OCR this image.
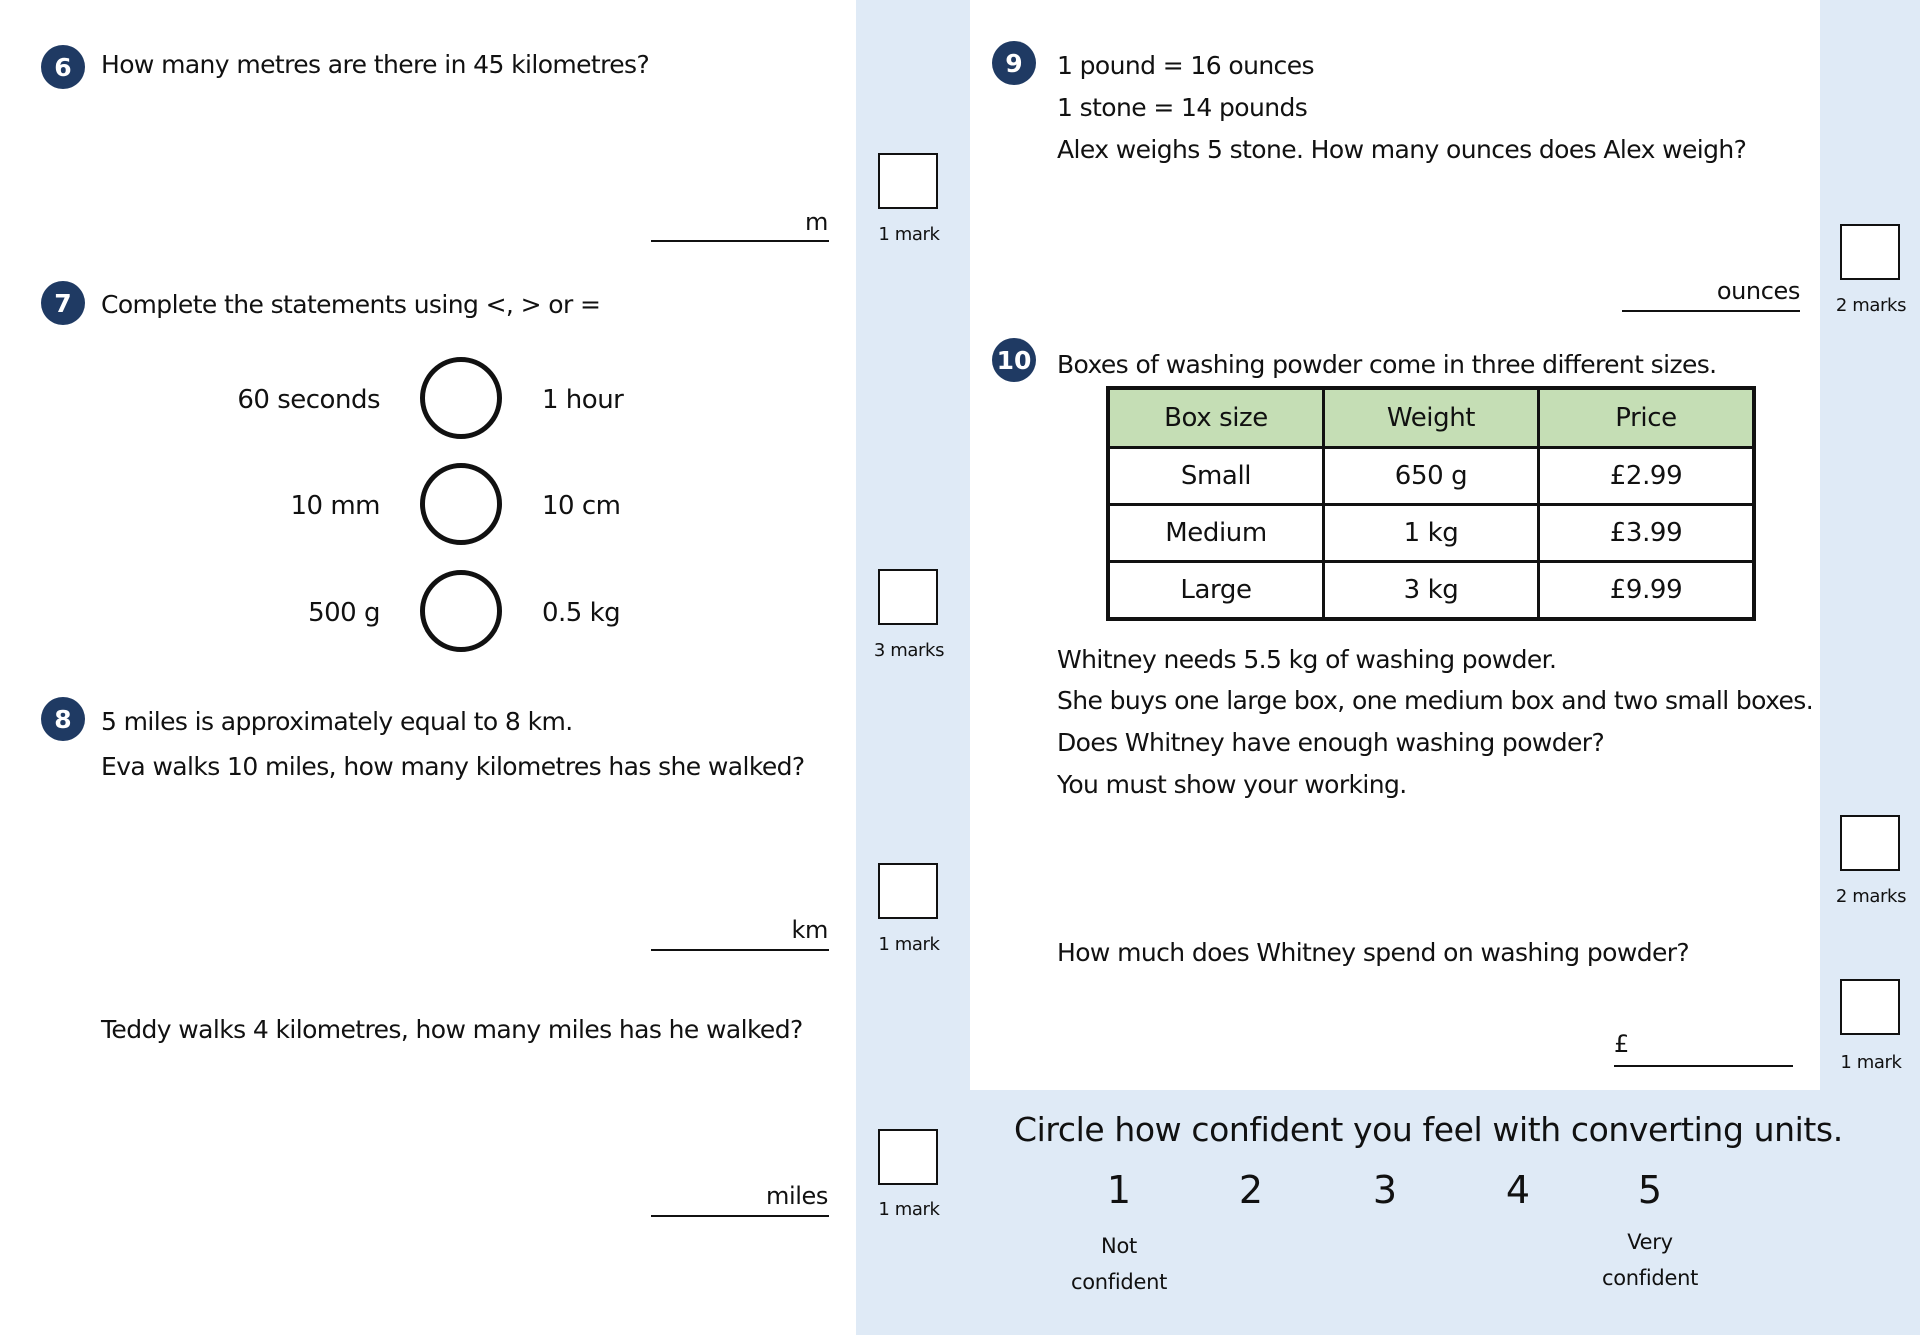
6	How many metres are there in 45 kilometres?
m	1 mark
7	Complete the statements using <, > or =
60 seconds	1 hour
10 mm	10 cm
500 g	0.5 kg
3 marks
8	5 miles is approximately equal to 8 km.
Eva walks 10 miles, how many kilometres has she walked?
km
1 mark
Teddy walks 4 kilometres, how many miles has he walked?
miles	1 mark
9	1 pound = 16 ounces
1 stone = 14 pounds
Alex weighs 5 stone. How many ounces does Alex weigh?
ounces
2 marks
10 Boxes of washing powder come in three different sizes.
Box size	Weight	Price
Small	650 g	£2.99
Medium	1 kg	£3.99
Large	3 kg	£9.99
Whitney needs 5.5 kg of washing powder.
She buys one large box, one medium box and two small boxes.
Does Whitney have enough washing powder?
You must show your working.
2 marks
How much does Whitney spend on washing powder?
£
1 mark
Circle how confident you feel with converting units.
1	2	3	4	5
Not
confident
Very
confident
